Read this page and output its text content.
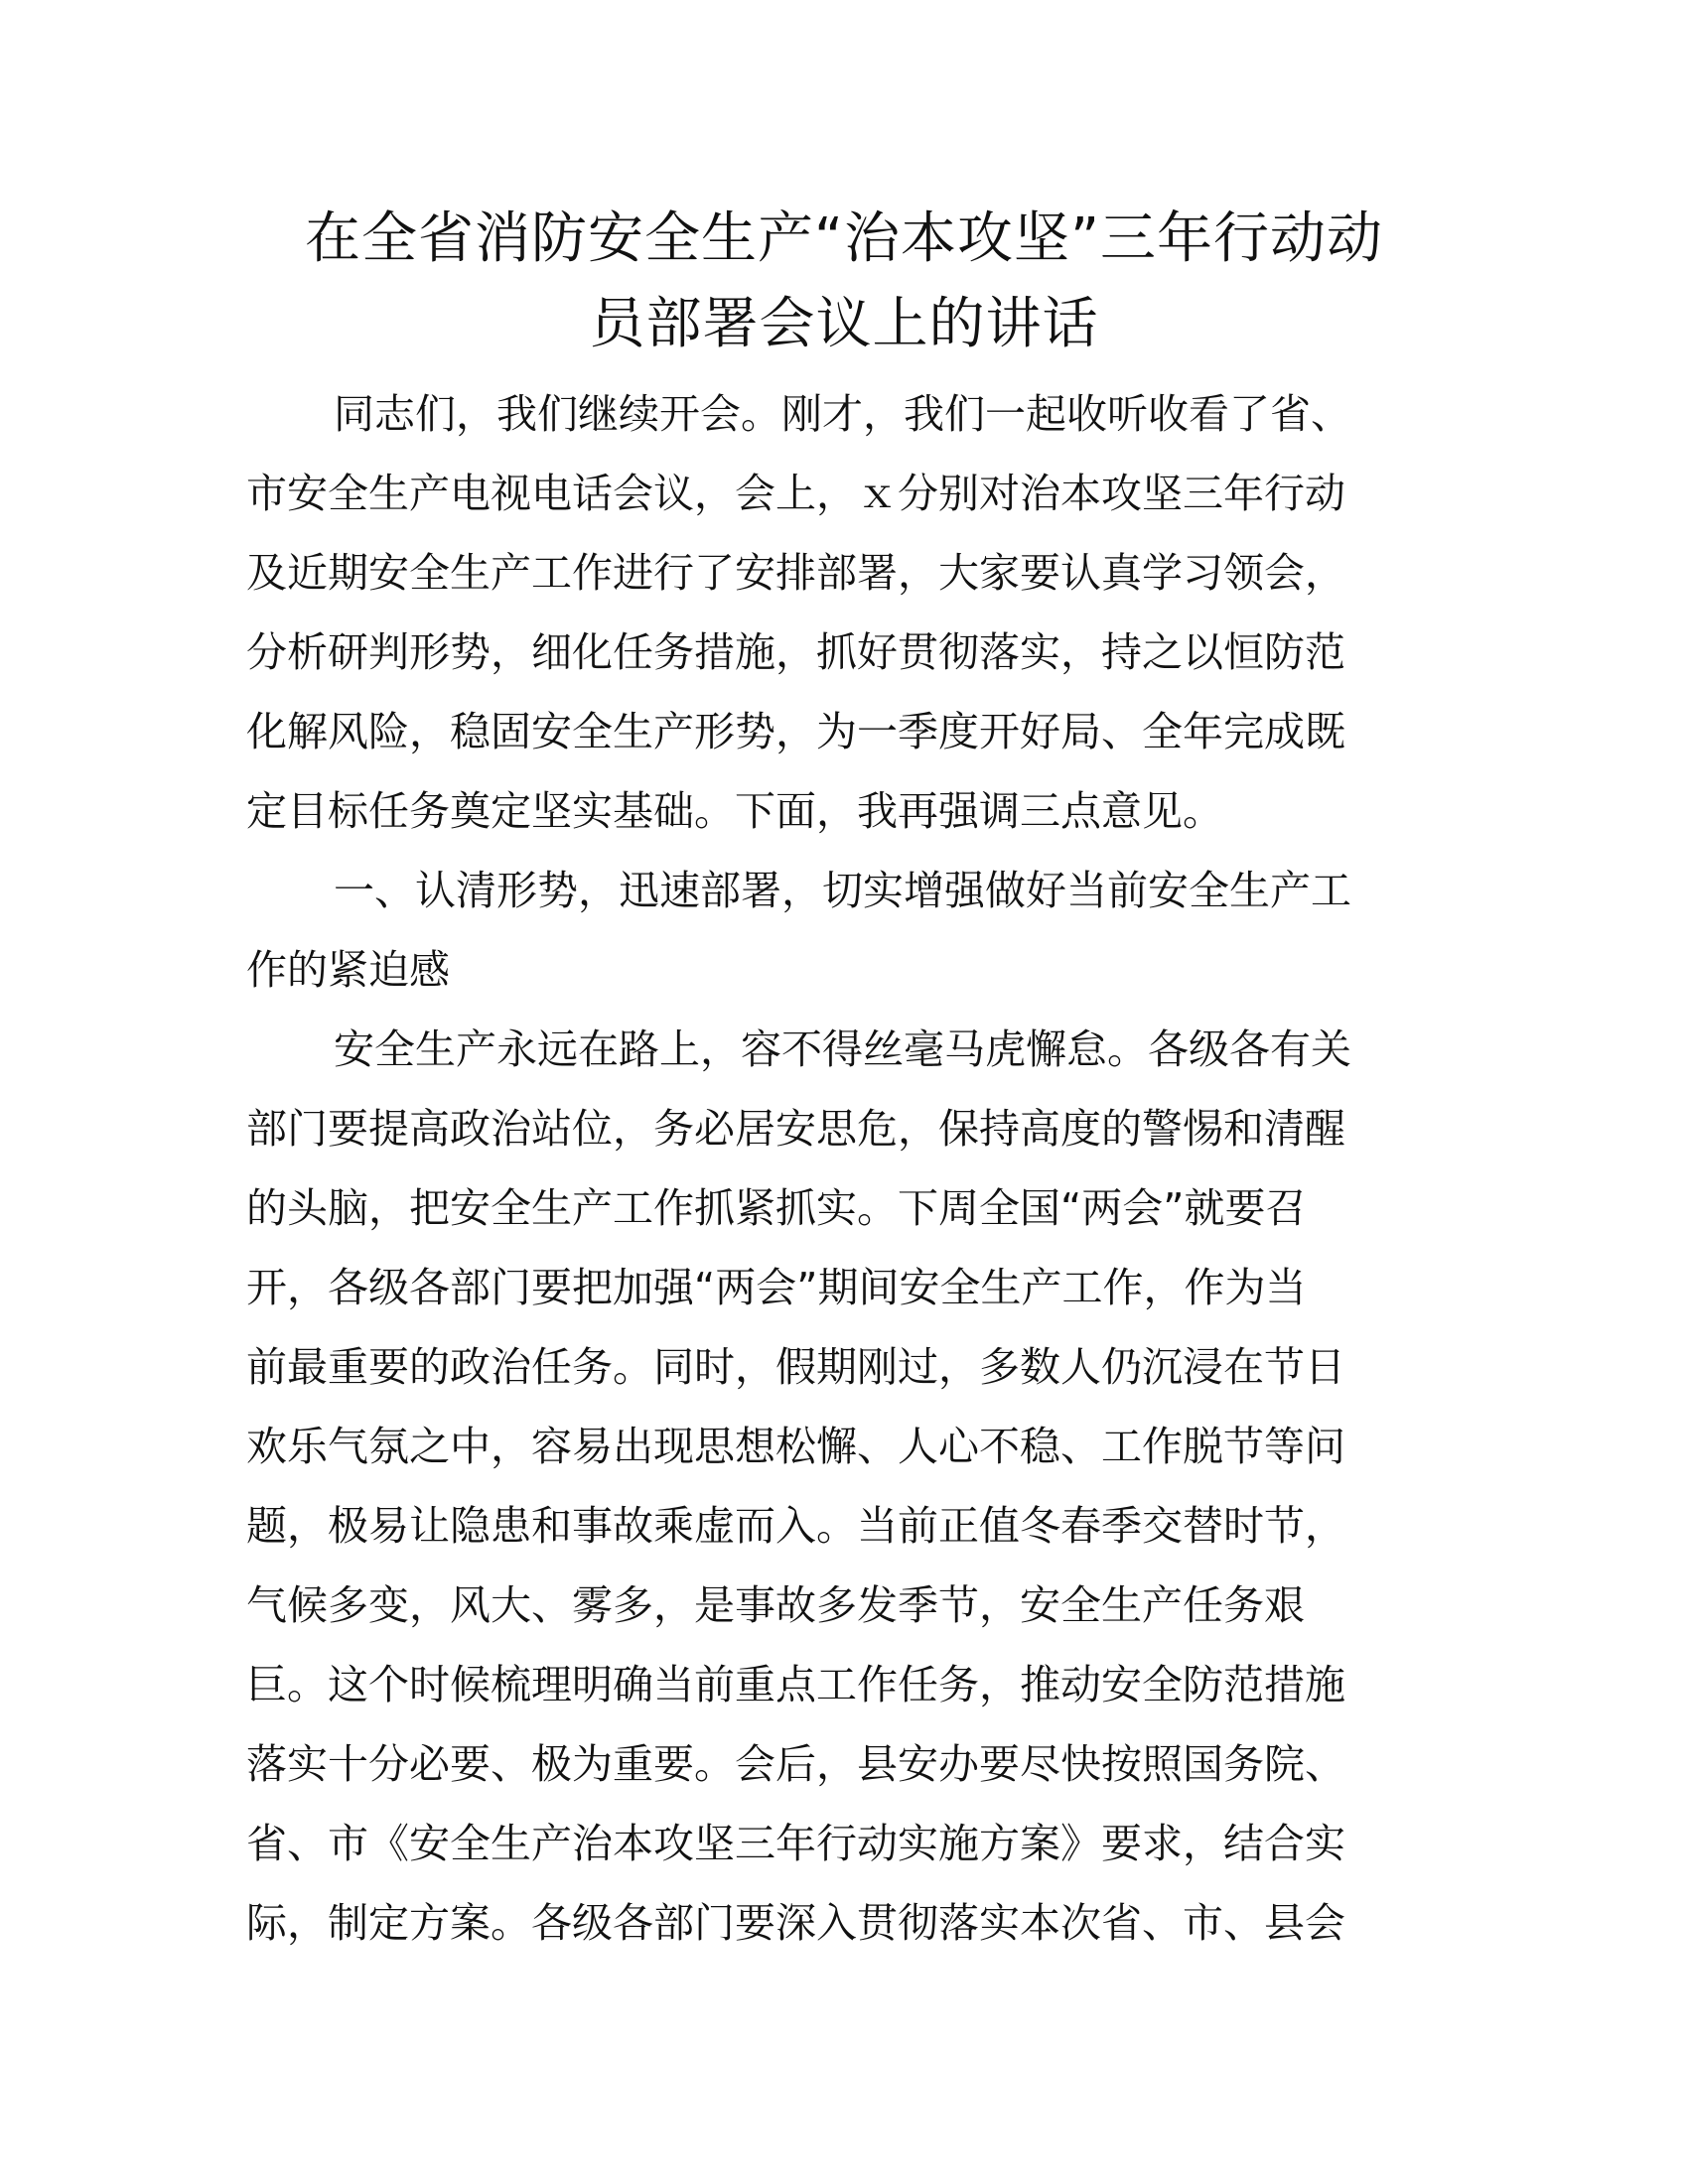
在全省消防安全生产“治本攻坚”三年行动动
员部署会议上的讲话
同志们，我们继续开会。刚才，我们一起收听收看了省、
市安全生产电视电话会议，会上，ｘ分别对治本攻坚三年行动
及近期安全生产工作进行了安排部署，大家要认真学习领会，
分析研判形势，细化任务措施，抓好贯彻落实，持之以恒防范
化解风险，稳固安全生产形势，为一季度开好局、全年完成既
定目标任务奠定坚实基础。下面，我再强调三点意见。
一、认清形势，迅速部署，切实增强做好当前安全生产工
作的紧迫感
安全生产永远在路上，容不得丝毫马虎懈怠。各级各有关
部门要提高政治站位，务必居安思危，保持高度的警惕和清醒
的头脑，把安全生产工作抓紧抓实。下周全国“两会”就要召
开，各级各部门要把加强“两会”期间安全生产工作，作为当
前最重要的政治任务。同时，假期刚过，多数人仍沉浸在节日
欢乐气氛之中，容易出现思想松懈、人心不稳、工作脱节等问
题，极易让隐患和事故乘虚而入。当前正值冬春季交替时节，
气候多变，风大、雾多，是事故多发季节，安全生产任务艰
巨。这个时候梳理明确当前重点工作任务，推动安全防范措施
落实十分必要、极为重要。会后，县安办要尽快按照国务院、
省、市《安全生产治本攻坚三年行动实施方案》要求，结合实
际，制定方案。各级各部门要深入贯彻落实本次省、市、县会
